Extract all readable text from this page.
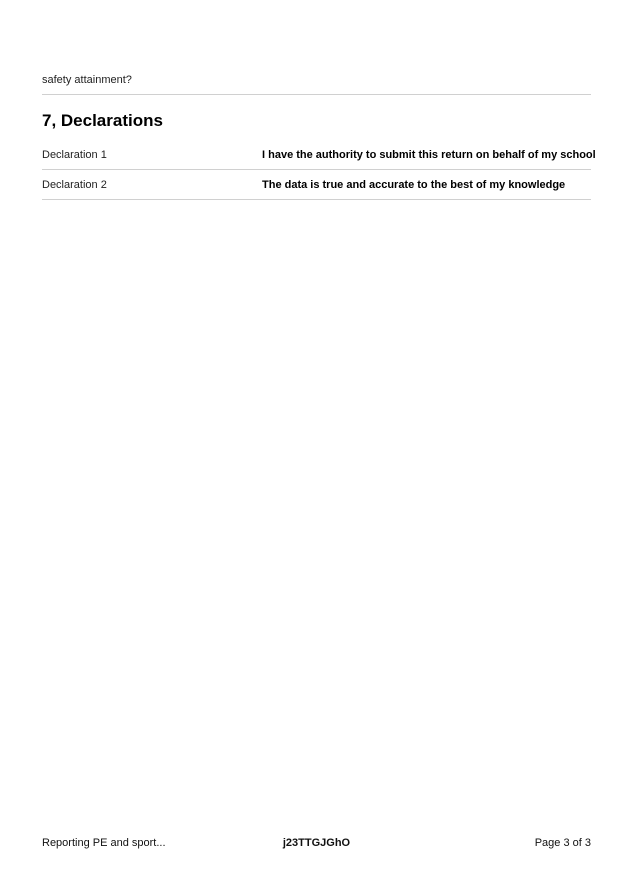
safety attainment?
7, Declarations
Declaration 1	I have the authority to submit this return on behalf of my school
Declaration 2	The data is true and accurate to the best of my knowledge
Reporting PE and sport...	j23TTGJGhO	Page 3 of 3
